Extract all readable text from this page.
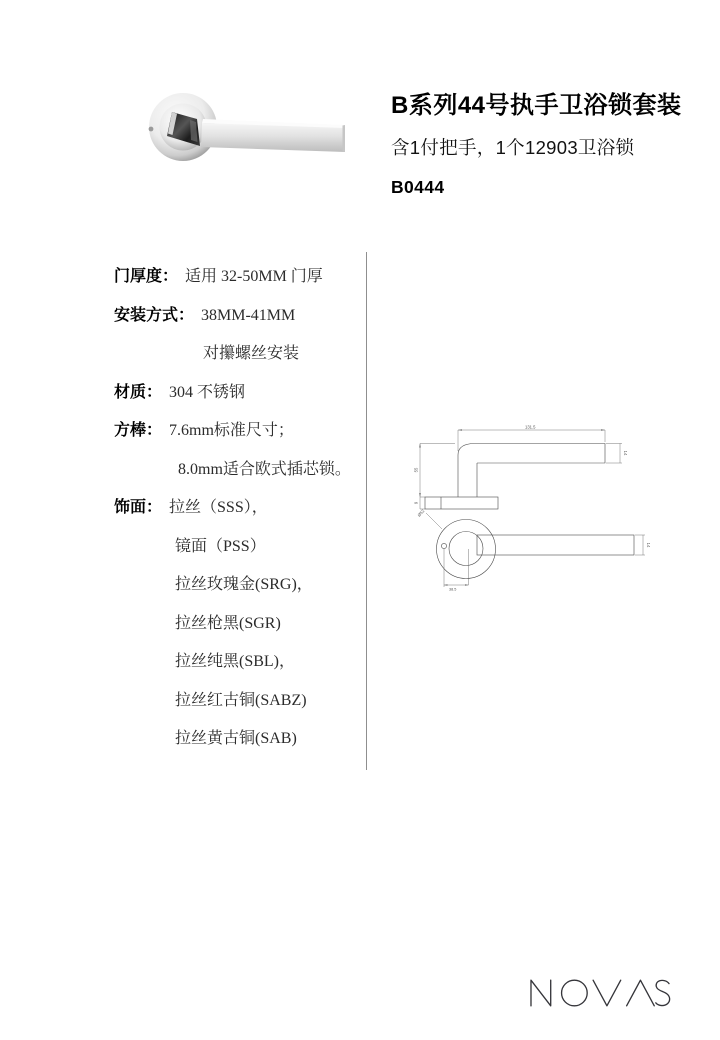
B系列44号执手卫浴锁套装
含1付把手，1个12903卫浴锁
B0444
门厚度： 适用 32-50MM 门厚
安装方式： 38MM-41MM
对攥螺丝安装
材质： 304 不锈钢
方棒： 7.6mm标准尺寸；
8.0mm适合欧式插芯锁。
饰面： 拉丝（SSS），
镜面（PSS）
拉丝玫瑰金(SRG)，
拉丝枪黑(SGR)
拉丝纯黑(SBL)，
拉丝红古铜(SABZ)
拉丝黄古铜(SAB)
131.5
55
9
14
Ø52
38.5
14
